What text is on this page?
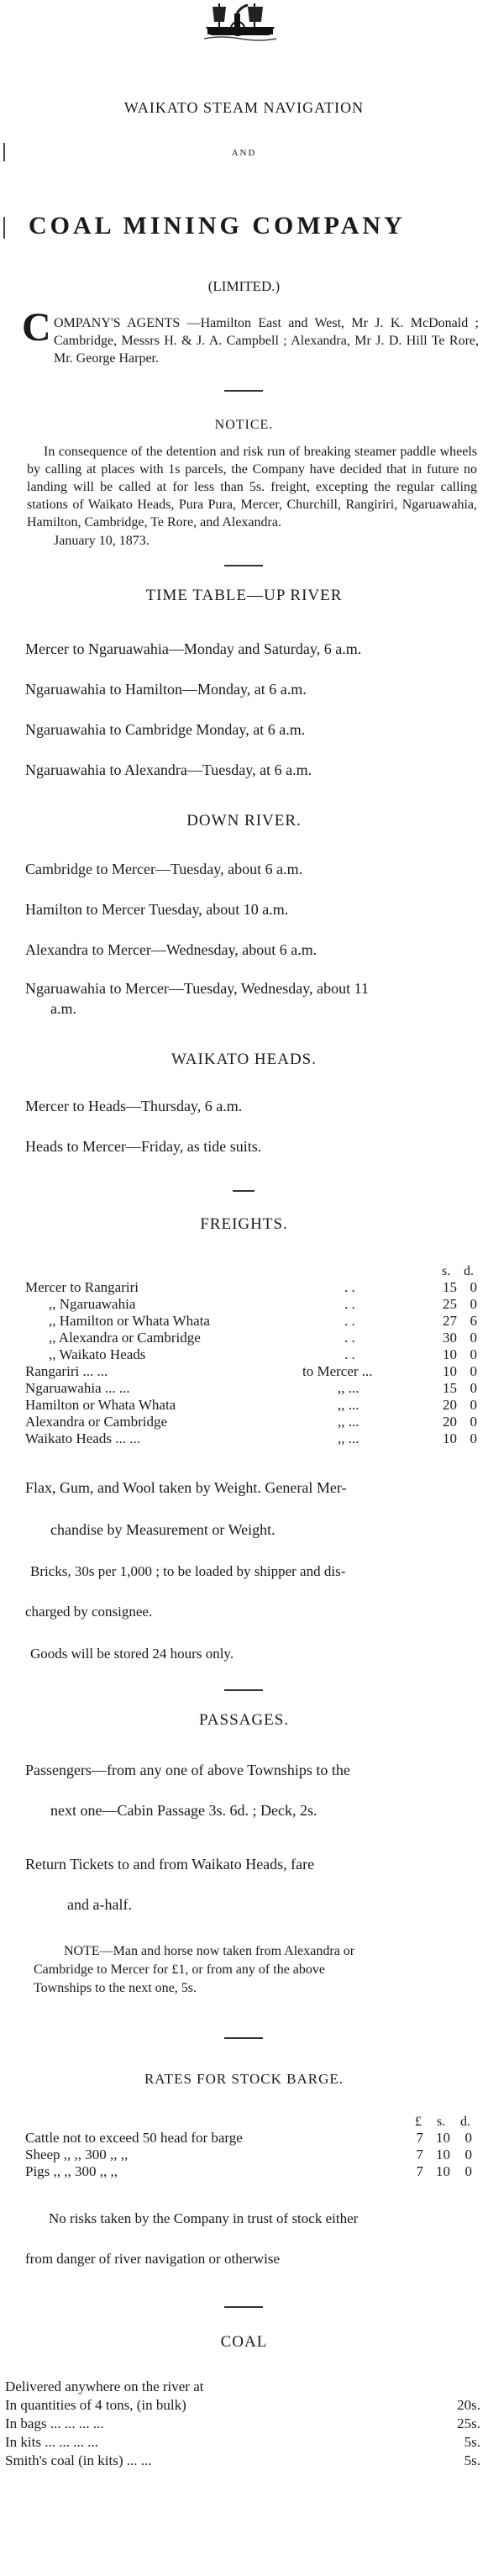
WAIKATO STEAM NAVIGATION
AND
COAL MINING COMPANY
(LIMITED.)
C OMPANY'S AGENTS —Hamilton East and West, Mr J. K. McDonald ; Cambridge, Messrs H. & J. A. Campbell ; Alexandra, Mr J. D. Hill Te Rore, Mr. George Harper.
NOTICE.
In consequence of the detention and risk run of breaking steamer paddle wheels by calling at places with 1s parcels, the Company have decided that in future no landing will be called at for less than 5s. freight, excepting the regular calling stations of Waikato Heads, Pura Pura, Mercer, Churchill, Rangiriri, Ngaruawahia, Hamilton, Cambridge, Te Rore, and Alexandra.
January 10, 1873.
TIME TABLE—UP RIVER
Mercer to Ngaruawahia—Monday and Saturday, 6 a.m.
Ngaruawahia to Hamilton—Monday, at 6 a.m.
Ngaruawahia to Cambridge Monday, at 6 a.m.
Ngaruawahia to Alexandra—Tuesday, at 6 a.m.
DOWN RIVER.
Cambridge to Mercer—Tuesday, about 6 a.m.
Hamilton to Mercer Tuesday, about 10 a.m.
Alexandra to Mercer—Wednesday, about 6 a.m.
Ngaruawahia to Mercer—Tuesday, Wednesday, about 11
a.m.
WAIKATO HEADS.
Mercer to Heads—Thursday, 6 a.m.
Heads to Mercer—Friday, as tide suits.
FREIGHTS.
s. d.
Mercer to Rangariri	. .	15 0
,, Ngaruawahia	. .	25 0
,, Hamilton or Whata Whata	. .	27 6
,, Alexandra or Cambridge	. .	30 0
,, Waikato Heads	. .	10 0
Rangariri ... ...	to Mercer ...	10 0
Ngaruawahia ... ...	,, ...	15 0
Hamilton or Whata Whata	,, ...	20 0
Alexandra or Cambridge	,, ...	20 0
Waikato Heads ... ...	,, ...	10 0
Flax, Gum, and Wool taken by Weight. General Mer-
chandise by Measurement or Weight.
Bricks, 30s per 1,000 ; to be loaded by shipper and dis-
charged by consignee.
Goods will be stored 24 hours only.
PASSAGES.
Passengers—from any one of above Townships to the
next one—Cabin Passage 3s. 6d. ; Deck, 2s.
Return Tickets to and from Waikato Heads, fare
and a-half.
NOTE—Man and horse now taken from Alexandra or
Cambridge to Mercer for £1, or from any of the above
Townships to the next one, 5s.
RATES FOR STOCK BARGE.
£ s. d.
Cattle not to exceed 50 head for barge	7 10	0
Sheep ,, ,, 300 ,, ,,	7 10	0
Pigs ,, ,, 300 ,, ,,	7 10	0
No risks taken by the Company in trust of stock either
from danger of river navigation or otherwise
COAL
Delivered anywhere on the river at
In quantities of 4 tons, (in bulk)	20s.
In bags ... ... ... ...	25s.
In kits ... ... ... ...	5s.
Smith's coal (in kits) ... ...	5s.
